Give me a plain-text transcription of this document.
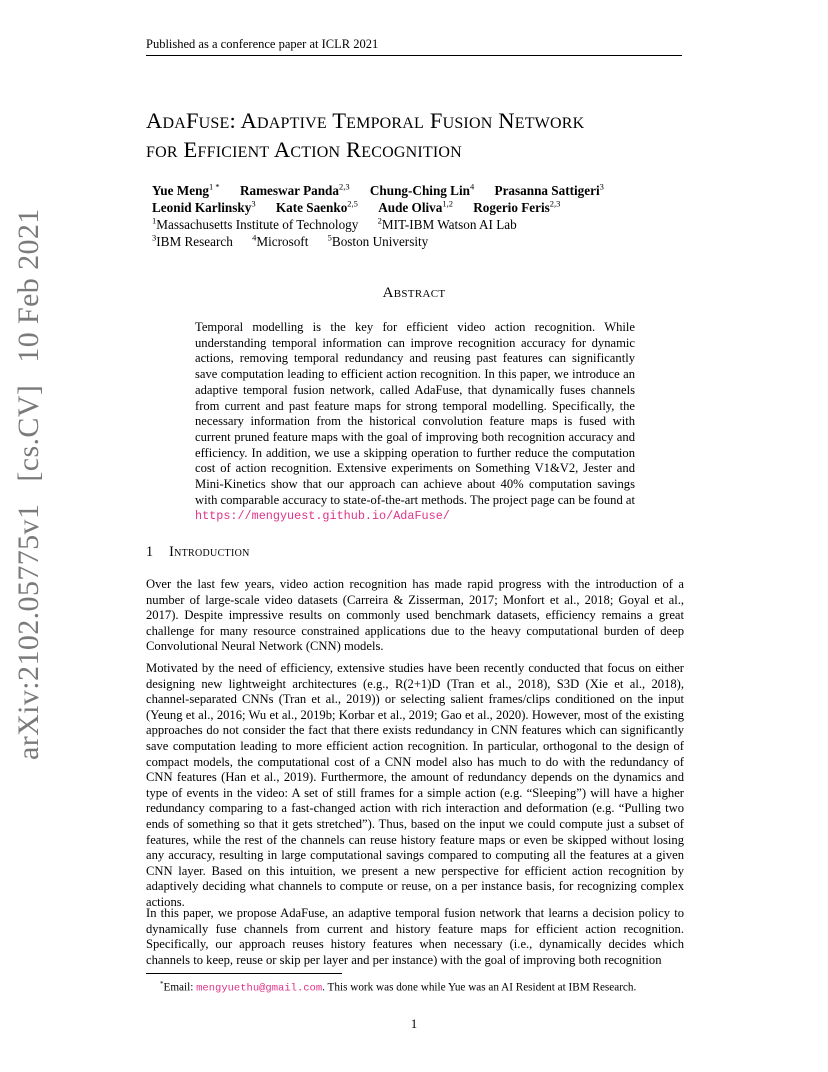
Published as a conference paper at ICLR 2021
arXiv:2102.05775v1[cs.CV]10 Feb 2021
AdaFuse: Adaptive Temporal Fusion Network
for Efficient Action Recognition
Yue Meng$^{1 *}$ Rameswar Panda$^{2,3}$ Chung-Ching Lin$^4$ Prasanna Sattigeri$^3$
Leonid Karlinsky$^3$ Kate Saenko$^{2,5}$ Aude Oliva$^{1,2}$ Rogerio Feris$^{2,3}$
$^1$Massachusetts Institute of Technology $^2$MIT-IBM Watson AI Lab
$^3$IBM Research $^4$Microsoft $^5$Boston University
Abstract
Temporal modelling is the key for efficient video action recognition. While understanding temporal information can improve recognition accuracy for dynamic actions, removing temporal redundancy and reusing past features can significantly save computation leading to efficient action recognition. In this paper, we introduce an adaptive temporal fusion network, called AdaFuse, that dynamically fuses channels from current and past feature maps for strong temporal modelling. Specifically, the necessary information from the historical convolution feature maps is fused with current pruned feature maps with the goal of improving both recognition accuracy and efficiency. In addition, we use a skipping operation to further reduce the computation cost of action recognition. Extensive experiments on Something V1&V2, Jester and Mini-Kinetics show that our approach can achieve about 40% computation savings with comparable accuracy to state-of-the-art methods. The project page can be found at https://mengyuest.github.io/AdaFuse/
1 Introduction
Over the last few years, video action recognition has made rapid progress with the introduction of a number of large-scale video datasets (Carreira & Zisserman, 2017; Monfort et al., 2018; Goyal et al., 2017). Despite impressive results on commonly used benchmark datasets, efficiency remains a great challenge for many resource constrained applications due to the heavy computational burden of deep Convolutional Neural Network (CNN) models.
Motivated by the need of efficiency, extensive studies have been recently conducted that focus on either designing new lightweight architectures (e.g., R(2+1)D (Tran et al., 2018), S3D (Xie et al., 2018), channel-separated CNNs (Tran et al., 2019)) or selecting salient frames/clips conditioned on the input (Yeung et al., 2016; Wu et al., 2019b; Korbar et al., 2019; Gao et al., 2020). However, most of the existing approaches do not consider the fact that there exists redundancy in CNN features which can significantly save computation leading to more efficient action recognition. In particular, orthogonal to the design of compact models, the computational cost of a CNN model also has much to do with the redundancy of CNN features (Han et al., 2019). Furthermore, the amount of redundancy depends on the dynamics and type of events in the video: A set of still frames for a simple action (e.g. “Sleeping”) will have a higher redundancy comparing to a fast-changed action with rich interaction and deformation (e.g. “Pulling two ends of something so that it gets stretched”). Thus, based on the input we could compute just a subset of features, while the rest of the channels can reuse history feature maps or even be skipped without losing any accuracy, resulting in large computational savings compared to computing all the features at a given CNN layer. Based on this intuition, we present a new perspective for efficient action recognition by adaptively deciding what channels to compute or reuse, on a per instance basis, for recognizing complex actions.
In this paper, we propose AdaFuse, an adaptive temporal fusion network that learns a decision policy to dynamically fuse channels from current and history feature maps for efficient action recognition. Specifically, our approach reuses history features when necessary (i.e., dynamically decides which channels to keep, reuse or skip per layer and per instance) with the goal of improving both recognition
*Email: mengyuethu@gmail.com. This work was done while Yue was an AI Resident at IBM Research.
1
